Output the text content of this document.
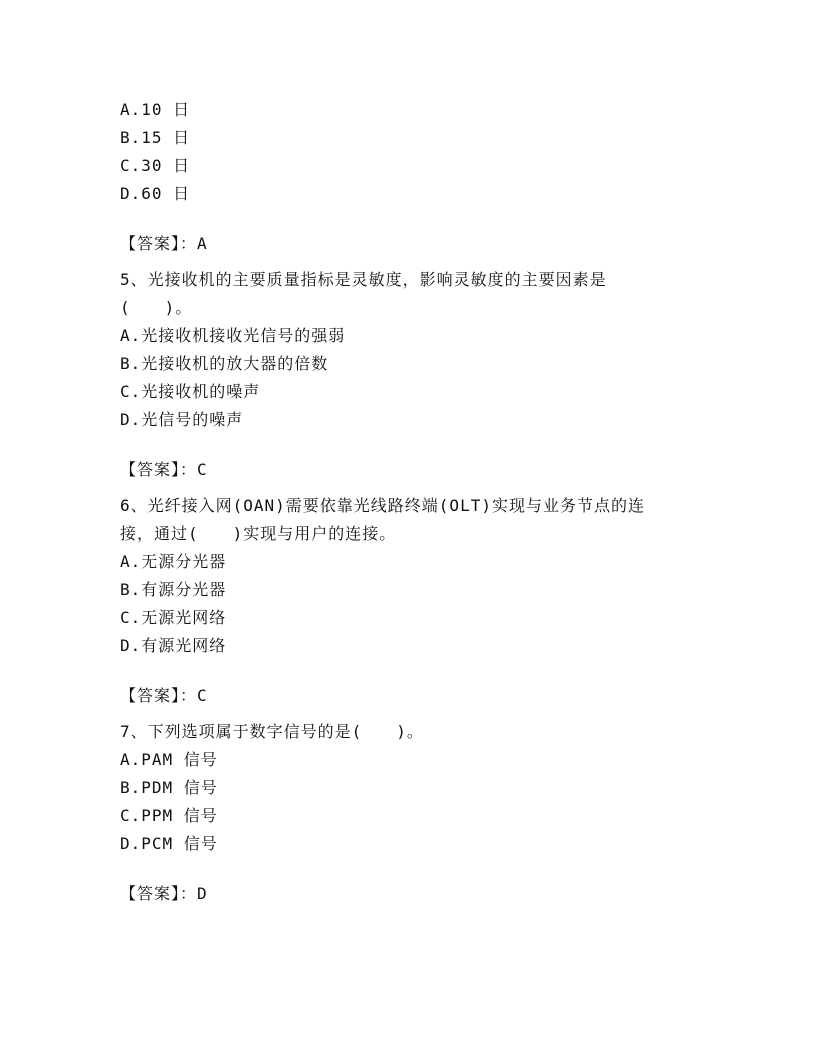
A.10 日
B.15 日
C.30 日
D.60 日
【答案】：A
5、光接收机的主要质量指标是灵敏度，影响灵敏度的主要因素是
(　　)。
A.光接收机接收光信号的强弱
B.光接收机的放大器的倍数
C.光接收机的噪声
D.光信号的噪声
【答案】：C
6、光纤接入网(OAN)需要依靠光线路终端(OLT)实现与业务节点的连
接，通过(　　)实现与用户的连接。
A.无源分光器
B.有源分光器
C.无源光网络
D.有源光网络
【答案】：C
7、下列选项属于数字信号的是(　　)。
A.PAM 信号
B.PDM 信号
C.PPM 信号
D.PCM 信号
【答案】：D
